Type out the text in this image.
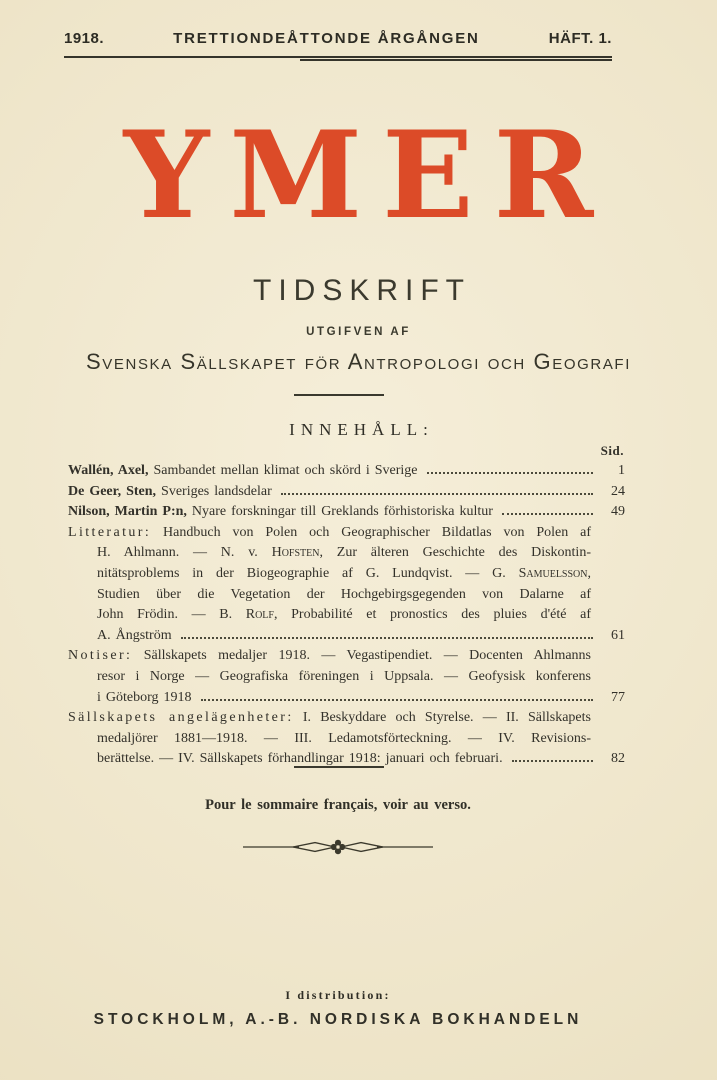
1918.	TRETTIONDEÅTTONDE ÅRGÅNGEN	HÄFT. 1.
YMER
TIDSKRIFT
UTGIFVEN AF
Svenska Sällskapet för Antropologi och Geografi
INNEHÅLL:
Sid.
Wallén, Axel, Sambandet mellan klimat och skörd i Sverige	1
De Geer, Sten, Sveriges landsdelar	24
Nilson, Martin P:n, Nyare forskningar till Greklands förhistoriska kultur	49
Litteratur: Handbuch von Polen och Geographischer Bildatlas von Polen af
H. Ahlmann. — N. v. Hofsten, Zur älteren Geschichte des Diskontin-
nitätsproblems in der Biogeographie af G. Lundqvist. — G. Samuelsson,
Studien über die Vegetation der Hochgebirgsgegenden von Dalarne af
John Frödin. — B. Rolf, Probabilité et pronostics des pluies d'été af
A. Ångström	61
Notiser: Sällskapets medaljer 1918. — Vegastipendiet. — Docenten Ahlmanns
resor i Norge — Geografiska föreningen i Uppsala. — Geofysisk konferens
i Göteborg 1918	77
Sällskapets angelägenheter: I. Beskyddare och Styrelse. — II. Sällskapets
medaljörer 1881—1918. — III. Ledamotsförteckning. — IV. Revisions-
berättelse. — IV. Sällskapets förhandlingar 1918: januari och februari.	82
Pour le sommaire français, voir au verso.
I distribution:
STOCKHOLM, A.-B. NORDISKA BOKHANDELN
